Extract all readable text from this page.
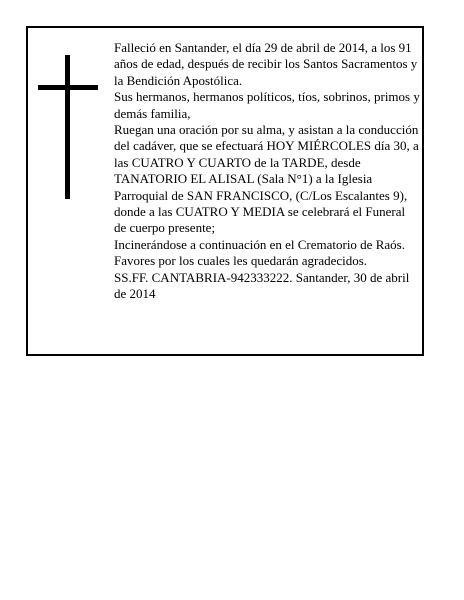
Falleció en Santander, el día 29 de abril de 2014, a los 91 años de edad, después de recibir los Santos Sacramentos y la Bendición Apostólica.

Sus hermanos, hermanos políticos, tíos, sobrinos, primos y demás familia,

Ruegan una oración por su alma, y asistan a la conducción del cadáver, que se efectuará HOY MIÉRCOLES día 30, a las CUATRO Y CUARTO de la TARDE, desde TANATORIO EL ALISAL (Sala N°1) a la Iglesia Parroquial de SAN FRANCISCO, (C/Los Escalantes 9), donde a las CUATRO Y MEDIA se celebrará el Funeral de cuerpo presente;

Incinerándose a continuación en el Crematorio de Raós.

Favores por los cuales les quedarán agradecidos.

SS.FF. CANTABRIA-942333222. Santander, 30 de abril de 2014
